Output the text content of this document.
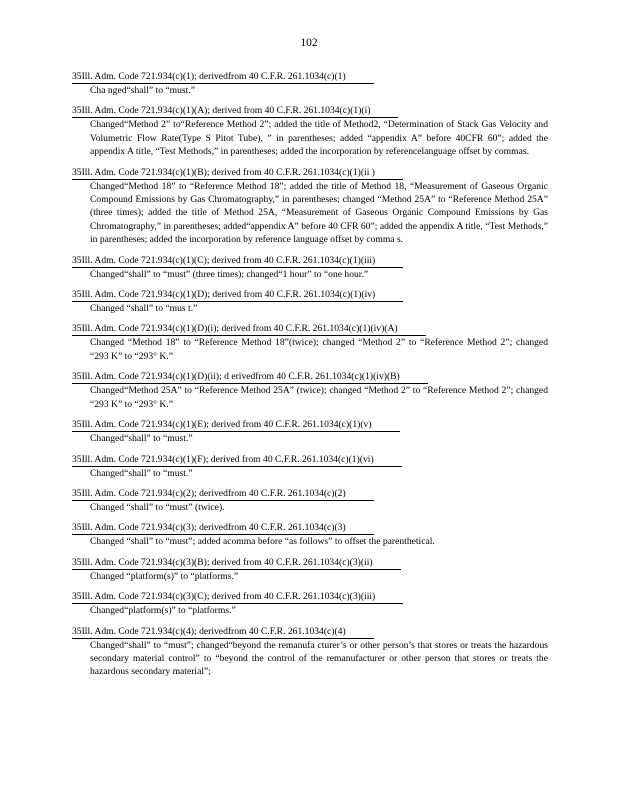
102
35Ill. Adm. Code 721.934(c)(1); derivedfrom 40 C.F.R. 261.1034(c)(1)
Cha nged“shall” to “must.”
35Ill. Adm. Code 721.934(c)(1)(A); derived from 40 C.F.R. 261.1034(c)(1)(i)
Changed“Method 2” to“Reference Method 2”; added the title of Method2, “Determination of Stack Gas Velocity and Volumetric Flow Rate(Type S Pitot Tube), ” in parentheses; added “appendix A” before 40CFR 60”; added the appendix A title, “Test Methods,” in parentheses; added the incorporation by referencelanguage offset by commas.
35Ill. Adm. Code 721.934(c)(1)(B); derived from 40 C.F.R. 261.1034(c)(1)(ii )
Changed“Method 18” to “Reference Method 18”; added the title of Method 18, “Measurement of Gaseous Organic Compound Emissions by Gas Chromatography,” in parentheses; changed “Method 25A” to “Reference Method 25A” (three times); added the title of Method 25A, “Measurement of Gaseous Organic Compound Emissions by Gas Chromatography,” in parentheses; added“appendix A” before 40 CFR 60”; added the appendix A title, “Test Methods,” in parentheses; added the incorporation by reference language offset by comma s.
35Ill. Adm. Code 721.934(c)(1)(C); derived from 40 C.F.R. 261.1034(c)(1)(iii)
Changed“shall” to “must” (three times); changed“1 hour” to “one hour.”
35Ill. Adm. Code 721.934(c)(1)(D); derived from 40 C.F.R. 261.1034(c)(1)(iv)
Changed “shall” to “mus t.”
35Ill. Adm. Code 721.934(c)(1)(D)(i); derived from 40 C.F.R. 261.1034(c)(1)(iv)(A)
Changed “Method 18” to “Reference Method 18”(twice); changed “Method 2” to “Reference Method 2”; changed “293 K” to “293° K.”
35Ill. Adm. Code 721.934(c)(1)(D)(ii); d erivedfrom 40 C.F.R. 261.1034(c)(1)(iv)(B)
Changed“Method 25A” to “Reference Method 25A” (twice); changed “Method 2” to “Reference Method 2”; changed “293 K” to “293° K.”
35Ill. Adm. Code 721.934(c)(1)(E); derived from 40 C.F.R. 261.1034(c)(1)(v)
Changed“shall” to “must.”
35Ill. Adm. Code 721.934(c)(1)(F); derived from 40 C.F.R. 261.1034(c)(1)(vi)
Changed“shall” to “must.”
35Ill. Adm. Code 721.934(c)(2); derivedfrom 40 C.F.R. 261.1034(c)(2)
Changed “shall” to “must” (twice).
35Ill. Adm. Code 721.934(c)(3); derivedfrom 40 C.F.R. 261.1034(c)(3)
Changed “shall” to “must”; added acomma before “as follows” to offset the parenthetical.
35Ill. Adm. Code 721.934(c)(3)(B); derived from 40 C.F.R. 261.1034(c)(3)(ii)
Changed “platform(s)” to “platforms.”
35Ill. Adm. Code 721.934(c)(3)(C); derived from 40 C.F.R. 261.1034(c)(3)(iii)
Changed“platform(s)” to “platforms.”
35Ill. Adm. Code 721.934(c)(4); derivedfrom 40 C.F.R. 261.1034(c)(4)
Changed“shall” to “must”; changed“beyond the remanufa cturer’s or other person’s that stores or treats the hazardous secondary material control” to “beyond the control of the remanufacturer or other person that stores or treats the hazardous secondary material”;
